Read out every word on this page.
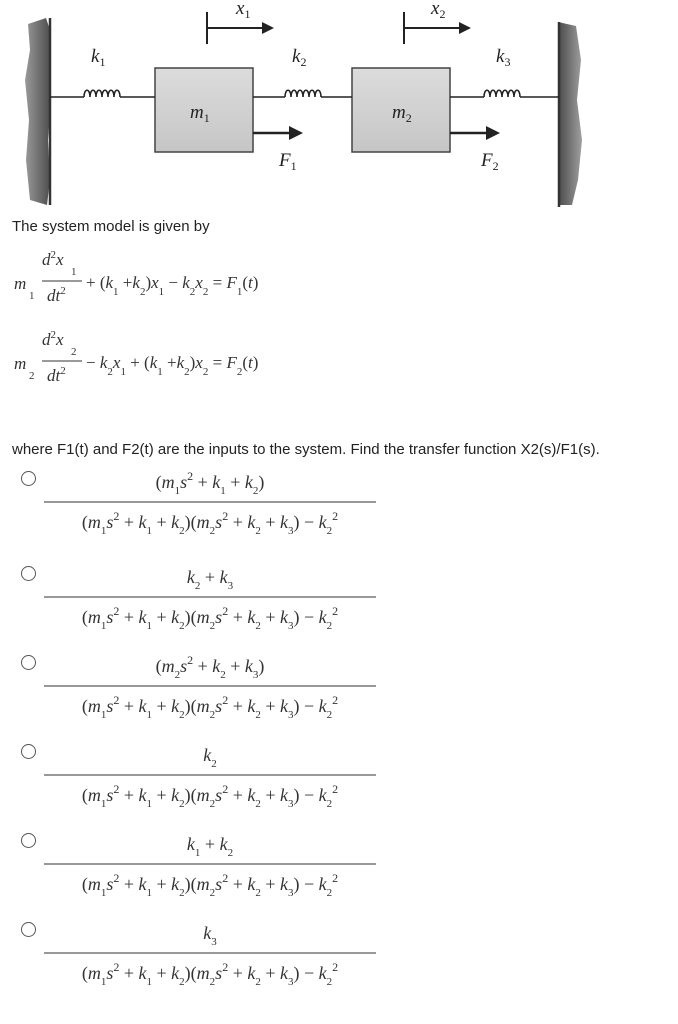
$x_1$	$x_2$
$k_1$	$k_2$	$k_3$
$m_1$	$m_2$
$F_1$	$F_2$
The system model is given by
$d^2x$
1
$dt^2$
m
1
+ $(k_1 +k_2)x_1 - k_2x_2 = F_1(t)$
$d^2x$
2
$dt^2$
m
2
− $k_2x_1 + (k_1 +k_2)x_2 = F_2(t)$
where F1(t) and F2(t) are the inputs to the system. Find the transfer function X2(s)/F1(s).
$(m_1s^2 + k_1 + k_2)$
$(m_1s^2 + k_1 + k_2)(m_2s^2 + k_2 + k_3) - k_2^2$
$k_2 + k_3$
$(m_1s^2 + k_1 + k_2)(m_2s^2 + k_2 + k_3) - k_2^2$
$(m_2s^2 + k_2 + k_3)$
$(m_1s^2 + k_1 + k_2)(m_2s^2 + k_2 + k_3) - k_2^2$
$k_2$
$(m_1s^2 + k_1 + k_2)(m_2s^2 + k_2 + k_3) - k_2^2$
$k_1 + k_2$
$(m_1s^2 + k_1 + k_2)(m_2s^2 + k_2 + k_3) - k_2^2$
$k_3$
$(m_1s^2 + k_1 + k_2)(m_2s^2 + k_2 + k_3) - k_2^2$
